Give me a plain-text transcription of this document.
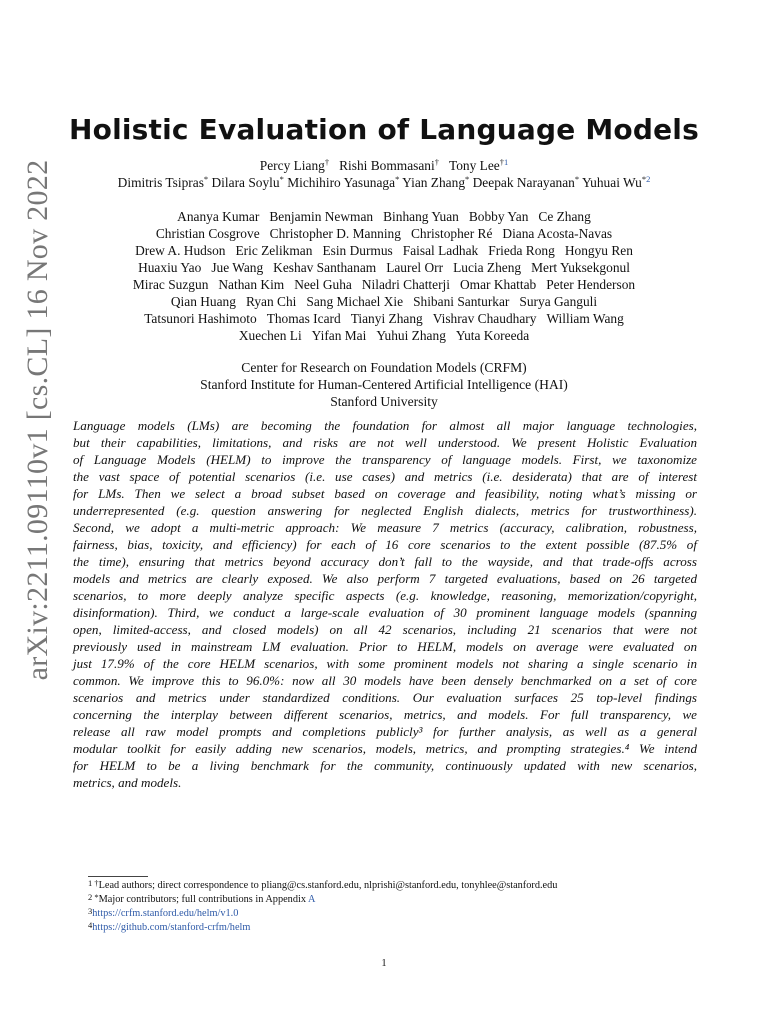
arXiv:2211.09110v1 [cs.CL] 16 Nov 2022
Holistic Evaluation of Language Models
Percy Liang† Rishi Bommasani† Tony Lee$^{\dagger 1}$
Dimitris Tsipras* Dilara Soylu* Michihiro Yasunaga* Yian Zhang* Deepak Narayanan* Yuhuai Wu$^{*2}$
Ananya Kumar Benjamin Newman Binhang Yuan Bobby Yan Ce Zhang
Christian Cosgrove Christopher D. Manning Christopher Ré Diana Acosta-Navas
Drew A. Hudson Eric Zelikman Esin Durmus Faisal Ladhak Frieda Rong Hongyu Ren
Huaxiu Yao Jue Wang Keshav Santhanam Laurel Orr Lucia Zheng Mert Yuksekgonul
Mirac Suzgun Nathan Kim Neel Guha Niladri Chatterji Omar Khattab Peter Henderson
Qian Huang Ryan Chi Sang Michael Xie Shibani Santurkar Surya Ganguli
Tatsunori Hashimoto Thomas Icard Tianyi Zhang Vishrav Chaudhary William Wang
Xuechen Li Yifan Mai Yuhui Zhang Yuta Koreeda
Center for Research on Foundation Models (CRFM)
Stanford Institute for Human-Centered Artificial Intelligence (HAI)
Stanford University
Language models (LMs) are becoming the foundation for almost all major language technologies,
but their capabilities, limitations, and risks are not well understood. We present Holistic Evaluation
of Language Models (HELM) to improve the transparency of language models. First, we taxonomize
the vast space of potential scenarios (i.e. use cases) and metrics (i.e. desiderata) that are of interest
for LMs. Then we select a broad subset based on coverage and feasibility, noting what’s missing or
underrepresented (e.g. question answering for neglected English dialects, metrics for trustworthiness).
Second, we adopt a multi-metric approach: We measure 7 metrics (accuracy, calibration, robustness,
fairness, bias, toxicity, and efficiency) for each of 16 core scenarios to the extent possible (87.5% of
the time), ensuring that metrics beyond accuracy don’t fall to the wayside, and that trade-offs across
models and metrics are clearly exposed. We also perform 7 targeted evaluations, based on 26 targeted
scenarios, to more deeply analyze specific aspects (e.g. knowledge, reasoning, memorization/copyright,
disinformation). Third, we conduct a large-scale evaluation of 30 prominent language models (spanning
open, limited-access, and closed models) on all 42 scenarios, including 21 scenarios that were not
previously used in mainstream LM evaluation. Prior to HELM, models on average were evaluated on
just 17.9% of the core HELM scenarios, with some prominent models not sharing a single scenario in
common. We improve this to 96.0%: now all 30 models have been densely benchmarked on a set of core
scenarios and metrics under standardized conditions. Our evaluation surfaces 25 top-level findings
concerning the interplay between different scenarios, metrics, and models. For full transparency, we
release all raw model prompts and completions publicly³ for further analysis, as well as a general
modular toolkit for easily adding new scenarios, models, metrics, and prompting strategies.⁴ We intend
for HELM to be a living benchmark for the community, continuously updated with new scenarios,
metrics, and models.
$^{1 \dagger}$Lead authors; direct correspondence to pliang@cs.stanford.edu, nlprishi@stanford.edu, tonyhlee@stanford.edu
$^{2 *}$Major contributors; full contributions in Appendix A
$^3$https://crfm.stanford.edu/helm/v1.0
$^4$https://github.com/stanford-crfm/helm
1
